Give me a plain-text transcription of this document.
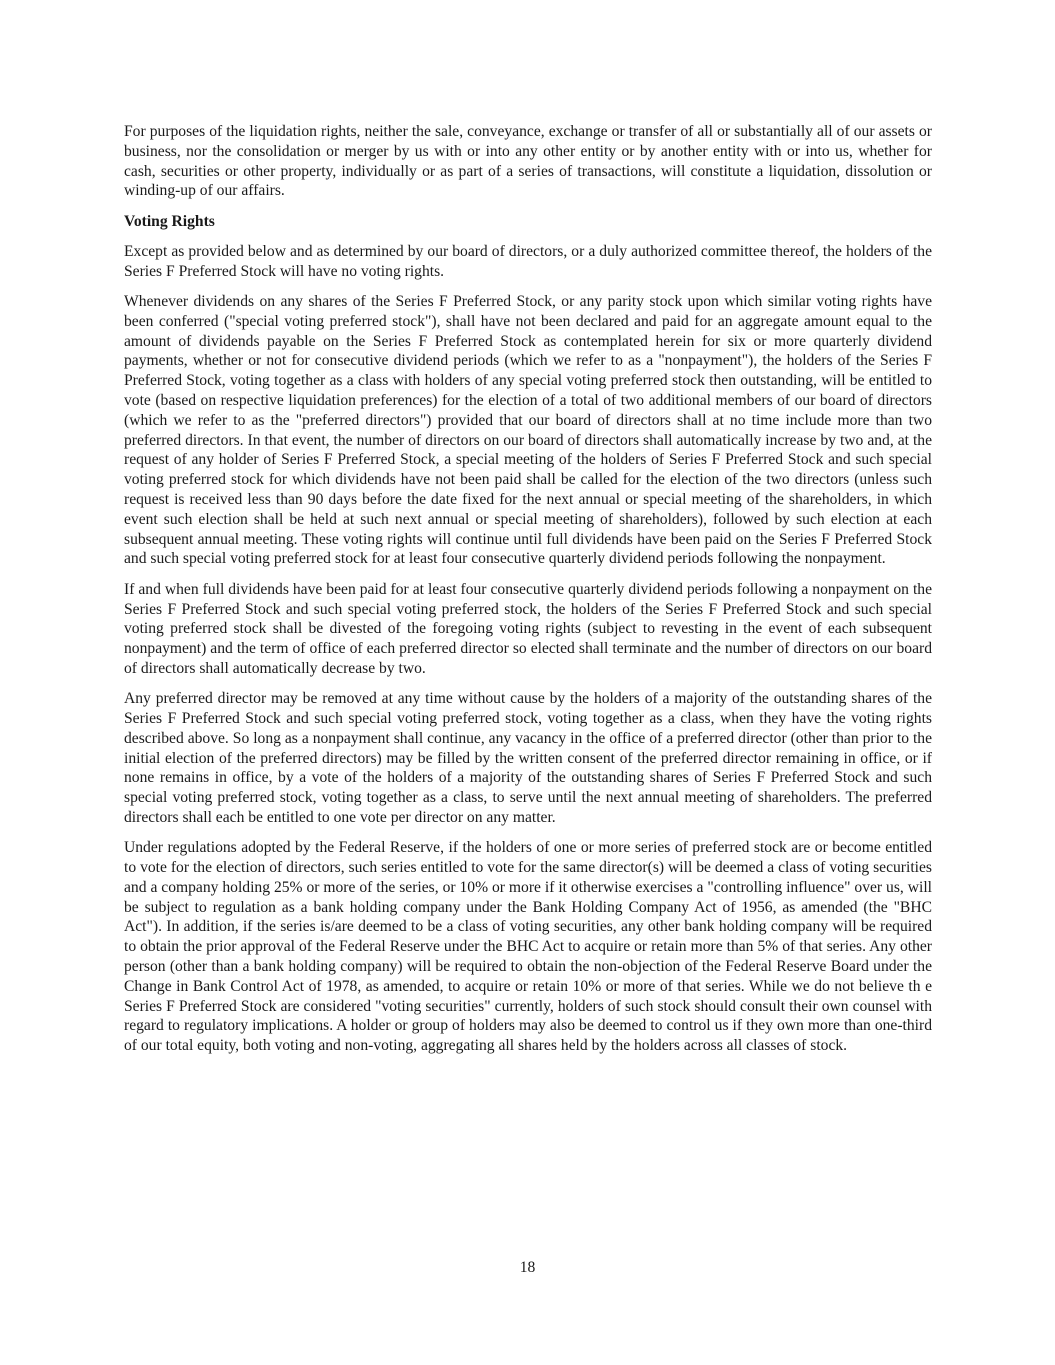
For purposes of the liquidation rights, neither the sale, conveyance, exchange or transfer of all or substantially all of our assets or business, nor the consolidation or merger by us with or into any other entity or by another entity with or into us, whether for cash, securities or other property, individually or as part of a series of transactions, will constitute a liquidation, dissolution or winding-up of our affairs.

Voting Rights

Except as provided below and as determined by our board of directors, or a duly authorized committee thereof, the holders of the Series F Preferred Stock will have no voting rights.

Whenever dividends on any shares of the Series F Preferred Stock, or any parity stock upon which similar voting rights have been conferred ("special voting preferred stock"), shall have not been declared and paid for an aggregate amount equal to the amount of dividends payable on the Series F Preferred Stock as contemplated herein for six or more quarterly dividend payments, whether or not for consecutive dividend periods (which we refer to as a "nonpayment"), the holders of the Series F Preferred Stock, voting together as a class with holders of any special voting preferred stock then outstanding, will be entitled to vote (based on respective liquidation preferences) for the election of a total of two additional members of our board of directors (which we refer to as the "preferred directors") provided that our board of directors shall at no time include more than two preferred directors. In that event, the number of directors on our board of directors shall automatically increase by two and, at the request of any holder of Series F Preferred Stock, a special meeting of the holders of Series F Preferred Stock and such special voting preferred stock for which dividends have not been paid shall be called for the election of the two directors (unless such request is received less than 90 days before the date fixed for the next annual or special meeting of the shareholders, in which event such election shall be held at such next annual or special meeting of shareholders), followed by such election at each subsequent annual meeting. These voting rights will continue until full dividends have been paid on the Series F Preferred Stock and such special voting preferred stock for at least four consecutive quarterly dividend periods following the nonpayment.

If and when full dividends have been paid for at least four consecutive quarterly dividend periods following a nonpayment on the Series F Preferred Stock and such special voting preferred stock, the holders of the Series F Preferred Stock and such special voting preferred stock shall be divested of the foregoing voting rights (subject to revesting in the event of each subsequent nonpayment) and the term of office of each preferred director so elected shall terminate and the number of directors on our board of directors shall automatically decrease by two.

Any preferred director may be removed at any time without cause by the holders of a majority of the outstanding shares of the Series F Preferred Stock and such special voting preferred stock, voting together as a class, when they have the voting rights described above. So long as a nonpayment shall continue, any vacancy in the office of a preferred director (other than prior to the initial election of the preferred directors) may be filled by the written consent of the preferred director remaining in office, or if none remains in office, by a vote of the holders of a majority of the outstanding shares of Series F Preferred Stock and such special voting preferred stock, voting together as a class, to serve until the next annual meeting of shareholders. The preferred directors shall each be entitled to one vote per director on any matter.

Under regulations adopted by the Federal Reserve, if the holders of one or more series of preferred stock are or become entitled to vote for the election of directors, such series entitled to vote for the same director(s) will be deemed a class of voting securities and a company holding 25% or more of the series, or 10% or more if it otherwise exercises a "controlling influence" over us, will be subject to regulation as a bank holding company under the Bank Holding Company Act of 1956, as amended (the "BHC Act"). In addition, if the series is/are deemed to be a class of voting securities, any other bank holding company will be required to obtain the prior approval of the Federal Reserve under the BHC Act to acquire or retain more than 5% of that series. Any other person (other than a bank holding company) will be required to obtain the non-objection of the Federal Reserve Board under the Change in Bank Control Act of 1978, as amended, to acquire or retain 10% or more of that series. While we do not believe th e Series F Preferred Stock are considered "voting securities" currently, holders of such stock should consult their own counsel with regard to regulatory implications. A holder or group of holders may also be deemed to control us if they own more than one-third of our total equity, both voting and non-voting, aggregating all shares held by the holders across all classes of stock.

18
